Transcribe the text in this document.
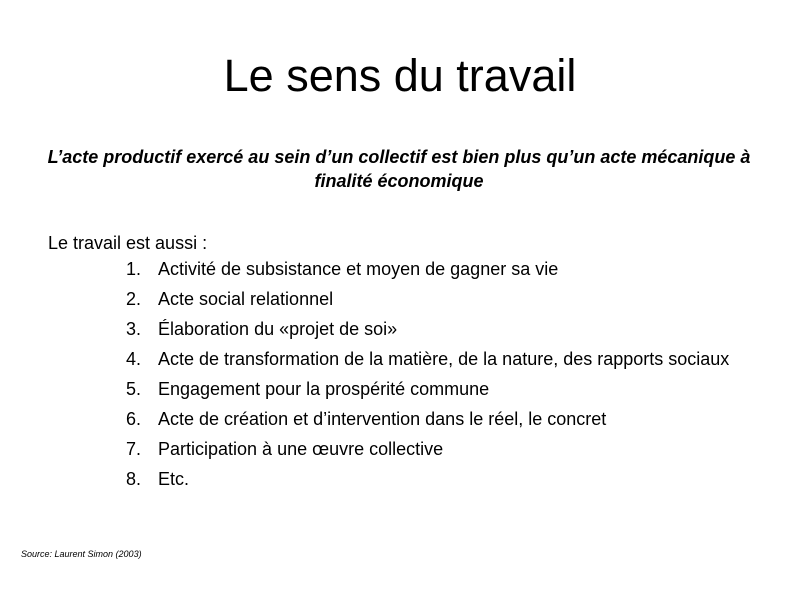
Le sens du travail

L’acte productif exercé au sein d’un collectif est bien plus qu’un acte mécanique à finalité économique

Le travail est aussi :

1. Activité de subsistance et moyen de gagner sa vie
2. Acte social relationnel
3. Élaboration du «projet de soi»
4. Acte de transformation de la matière, de la nature, des rapports sociaux
5. Engagement pour la prospérité commune
6. Acte de création et d’intervention dans le réel, le concret
7. Participation à une œuvre collective
8. Etc.

Source: Laurent Simon (2003)
